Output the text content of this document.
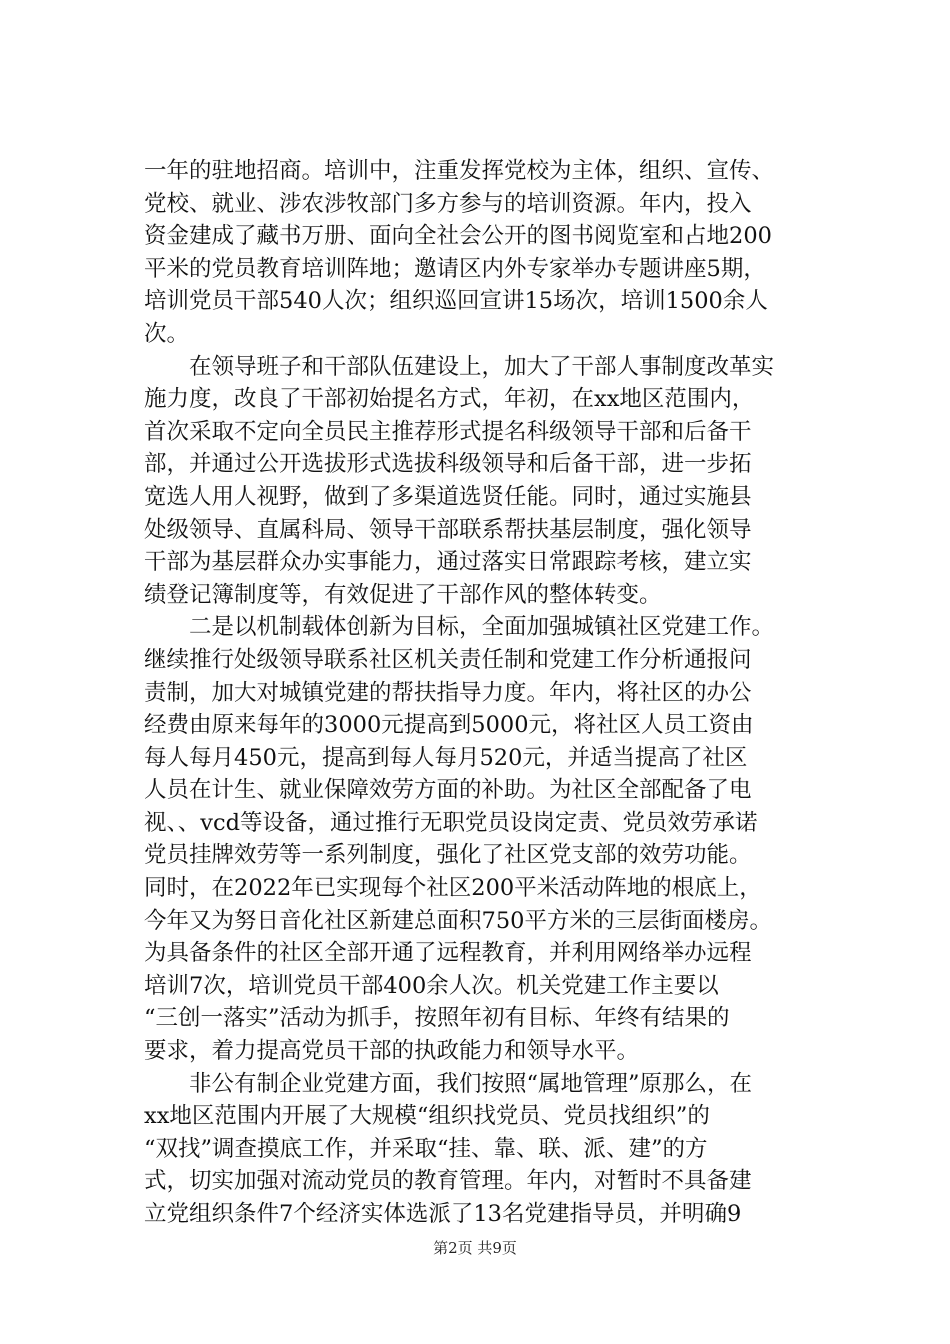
一年的驻地招商。培训中，注重发挥党校为主体，组织、宣传、
党校、就业、涉农涉牧部门多方参与的培训资源。年内，投入
资金建成了藏书万册、面向全社会公开的图书阅览室和占地200
平米的党员教育培训阵地；邀请区内外专家举办专题讲座5期，
培训党员干部540人次；组织巡回宣讲15场次，培训1500余人
次。
在领导班子和干部队伍建设上，加大了干部人事制度改革实
施力度，改良了干部初始提名方式，年初，在xx地区范围内，
首次采取不定向全员民主推荐形式提名科级领导干部和后备干
部，并通过公开选拔形式选拔科级领导和后备干部，进一步拓
宽选人用人视野，做到了多渠道选贤任能。同时，通过实施县
处级领导、直属科局、领导干部联系帮扶基层制度，强化领导
干部为基层群众办实事能力，通过落实日常跟踪考核，建立实
绩登记簿制度等，有效促进了干部作风的整体转变。
二是以机制载体创新为目标，全面加强城镇社区党建工作。
继续推行处级领导联系社区机关责任制和党建工作分析通报问
责制，加大对城镇党建的帮扶指导力度。年内，将社区的办公
经费由原来每年的3000元提高到5000元，将社区人员工资由
每人每月450元，提高到每人每月520元，并适当提高了社区
人员在计生、就业保障效劳方面的补助。为社区全部配备了电
视、、vcd等设备，通过推行无职党员设岗定责、党员效劳承诺
党员挂牌效劳等一系列制度，强化了社区党支部的效劳功能。
同时，在2022年已实现每个社区200平米活动阵地的根底上，
今年又为努日音化社区新建总面积750平方米的三层街面楼房。
为具备条件的社区全部开通了远程教育，并利用网络举办远程
培训7次，培训党员干部400余人次。机关党建工作主要以
“三创一落实”活动为抓手，按照年初有目标、年终有结果的
要求，着力提高党员干部的执政能力和领导水平。
非公有制企业党建方面，我们按照“属地管理”原那么，在
xx地区范围内开展了大规模“组织找党员、党员找组织”的
“双找”调查摸底工作，并采取“挂、靠、联、派、建”的方
式，切实加强对流动党员的教育管理。年内，对暂时不具备建
立党组织条件7个经济实体选派了13名党建指导员，并明确9
第2页 共9页
